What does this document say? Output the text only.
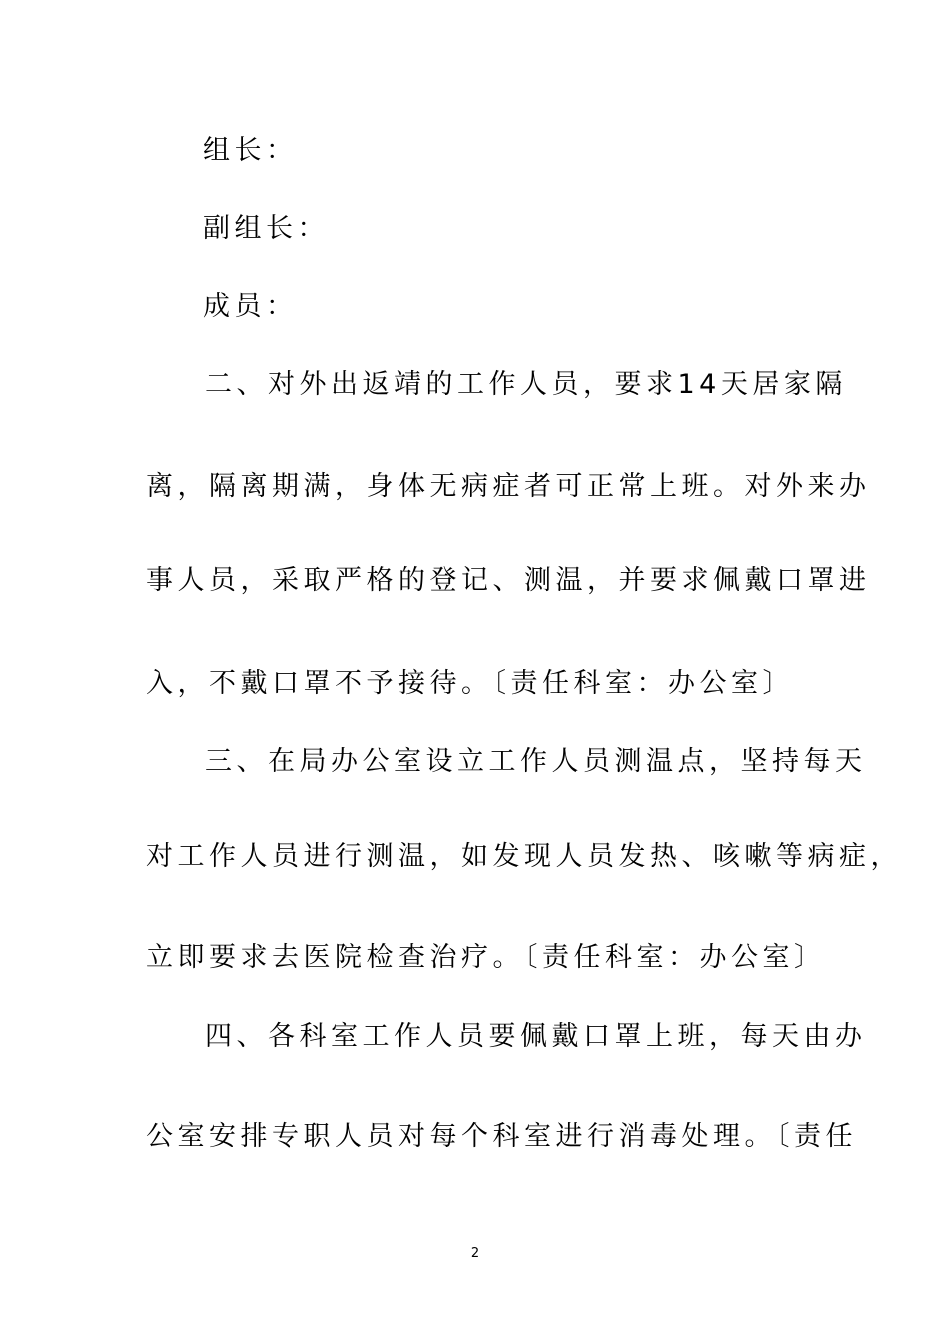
组长：
副组长：
成员：
二、对外出返靖的工作人员，要求14天居家隔
离，隔离期满，身体无病症者可正常上班。对外来办
事人员，采取严格的登记、测温，并要求佩戴口罩进
入，不戴口罩不予接待。〔责任科室：办公室〕
三、在局办公室设立工作人员测温点，坚持每天
对工作人员进行测温，如发现人员发热、咳嗽等病症，
立即要求去医院检查治疗。〔责任科室：办公室〕
四、各科室工作人员要佩戴口罩上班，每天由办
公室安排专职人员对每个科室进行消毒处理。〔责任
2
